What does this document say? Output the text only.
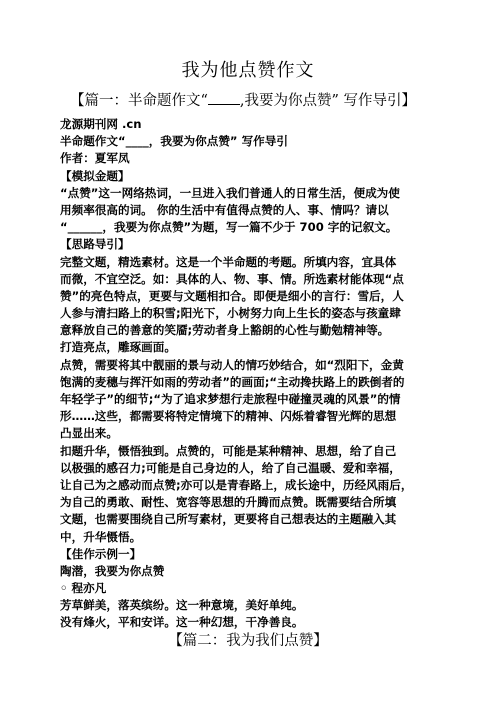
我为他点赞作文
【篇一：半命题作文“ ,我要为你点赞” 写作导引】
龙源期刊网 .cn
半命题作文“____，我要为你点赞” 写作导引
作者：夏军凤
【模拟金题】
“点赞”这一网络热词，一旦进入我们普通人的日常生活，便成为使
用频率很高的词。 你的生活中有值得点赞的人、事、情吗？请以
“______，我要为你点赞”为题，写一篇不少于 700 字的记叙文。
【思路导引】
完整文题，精选素材。这是一个半命题的考题。所填内容，宜具体
而微，不宜空泛。如：具体的人、物、事、情。所选素材能体现“点
赞”的亮色特点，更要与文题相扣合。即便是细小的言行：雪后，人
人参与清扫路上的积雪;阳光下，小树努力向上生长的姿态与孩童肆
意释放自己的善意的笑靥;劳动者身上豁朗的心性与勤勉精神等。
打造亮点，雕琢画面。
点赞，需要将其中靓丽的景与动人的情巧妙结合，如“烈阳下，金黄
饱满的麦穗与挥汗如雨的劳动者”的画面;“主动搀扶路上的跌倒者的
年轻学子”的细节;“为了追求梦想行走旅程中碰撞灵魂的风景”的情
形……这些，都需要将特定情境下的精神、闪烁着睿智光辉的思想
凸显出来。
扣题升华，慑悟独到。点赞的，可能是某种精神、思想，给了自己
以极强的感召力;可能是自己身边的人，给了自己温暖、爱和幸福，
让自己为之感动而点赞;亦可以是青春路上，成长途中，历经风雨后，
为自己的勇敢、耐性、宽容等思想的升腾而点赞。既需要结合所填
文题，也需要围绕自己所写素材，更要将自己想表达的主题融入其
中，升华慑悟。
【佳作示例一】
陶潜，我要为你点赞
◦ 程亦凡
芳草鲜美，落英缤纷。这一种意境，美好单纯。
没有烽火，平和安详。这一种幻想，干净善良。
【篇二：我为我们点赞】
